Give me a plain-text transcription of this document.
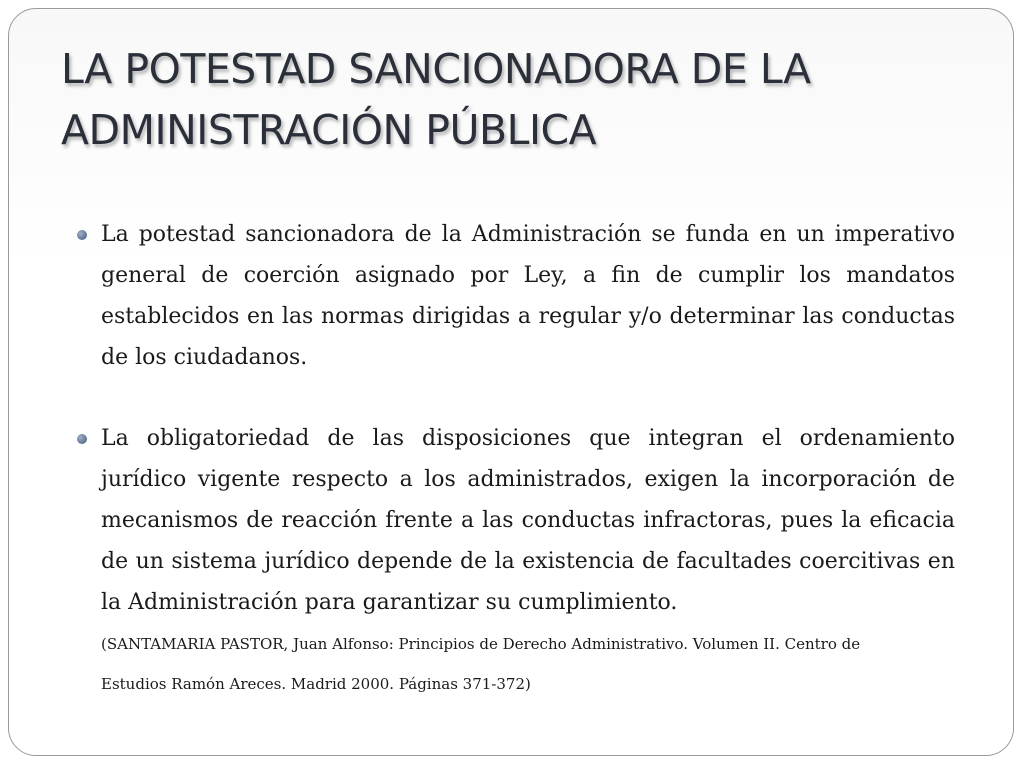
LA POTESTAD SANCIONADORA DE LA
ADMINISTRACIÓN PÚBLICA

La potestad sancionadora de la Administración se funda en un imperativo general de coerción asignado por Ley, a fin de cumplir los mandatos establecidos en las normas dirigidas a regular y/o determinar las conductas de los ciudadanos.

La obligatoriedad de las disposiciones que integran el ordenamiento jurídico vigente respecto a los administrados, exigen la incorporación de mecanismos de reacción frente a las conductas infractoras, pues la eficacia de un sistema jurídico depende de la existencia de facultades coercitivas en la Administración para garantizar su cumplimiento.
(SANTAMARIA PASTOR, Juan Alfonso: Principios de Derecho Administrativo. Volumen II. Centro de
Estudios Ramón Areces. Madrid 2000. Páginas 371-372)
